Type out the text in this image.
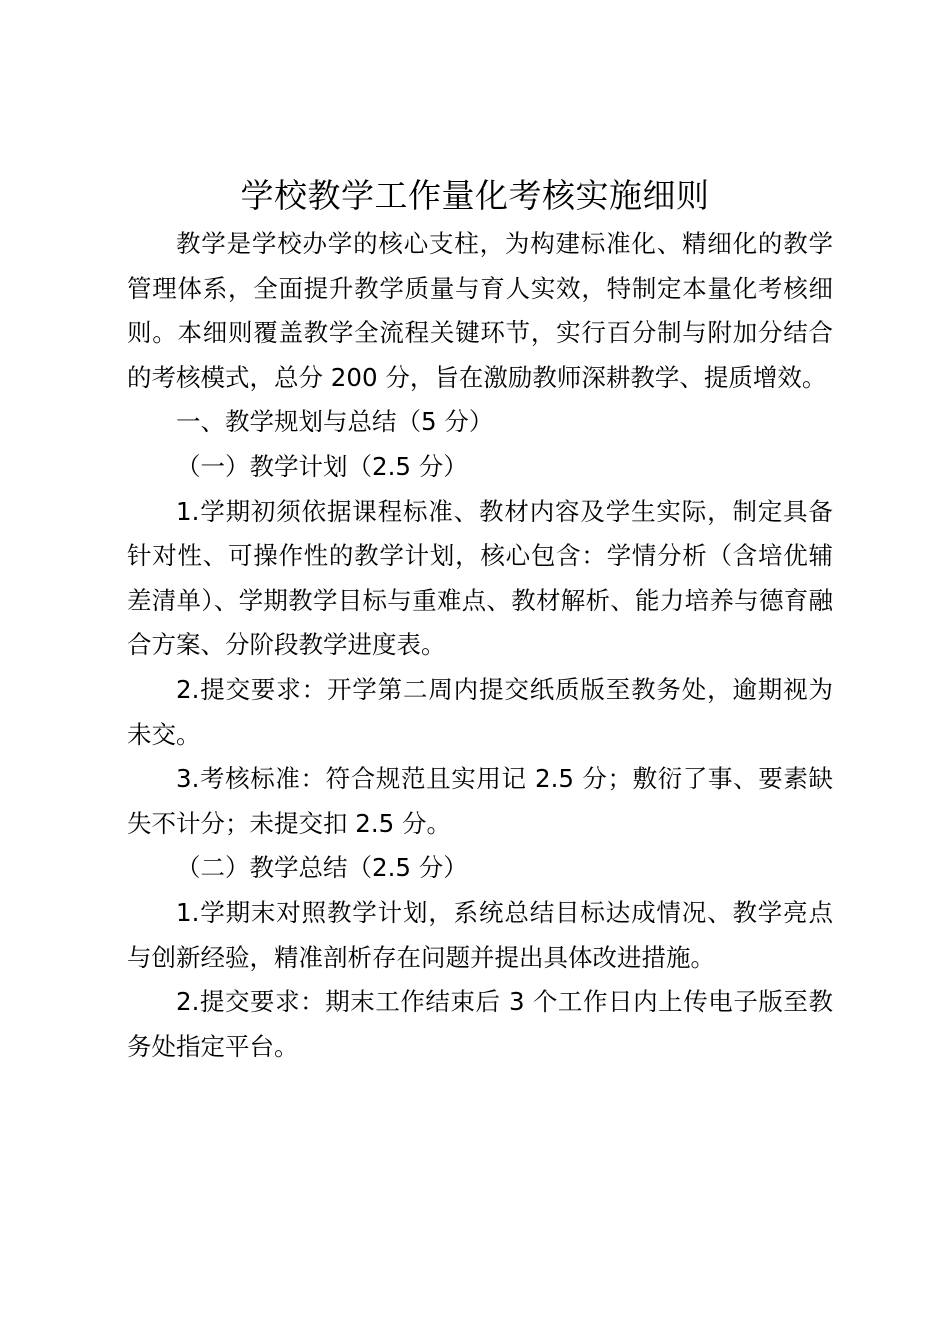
学校教学工作量化考核实施细则

教学是学校办学的核心支柱，为构建标准化、精细化的教学管理体系，全面提升教学质量与育人实效，特制定本量化考核细则。本细则覆盖教学全流程关键环节，实行百分制与附加分结合的考核模式，总分 200 分，旨在激励教师深耕教学、提质增效。

一、教学规划与总结（5 分）

（一）教学计划（2.5 分）

1.学期初须依据课程标准、教材内容及学生实际，制定具备针对性、可操作性的教学计划，核心包含：学情分析（含培优辅差清单）、学期教学目标与重难点、教材解析、能力培养与德育融合方案、分阶段教学进度表。

2.提交要求：开学第二周内提交纸质版至教务处，逾期视为未交。

3.考核标准：符合规范且实用记 2.5 分；敷衍了事、要素缺失不计分；未提交扣 2.5 分。

（二）教学总结（2.5 分）

1.学期末对照教学计划，系统总结目标达成情况、教学亮点与创新经验，精准剖析存在问题并提出具体改进措施。

2.提交要求：期末工作结束后 3 个工作日内上传电子版至教务处指定平台。
